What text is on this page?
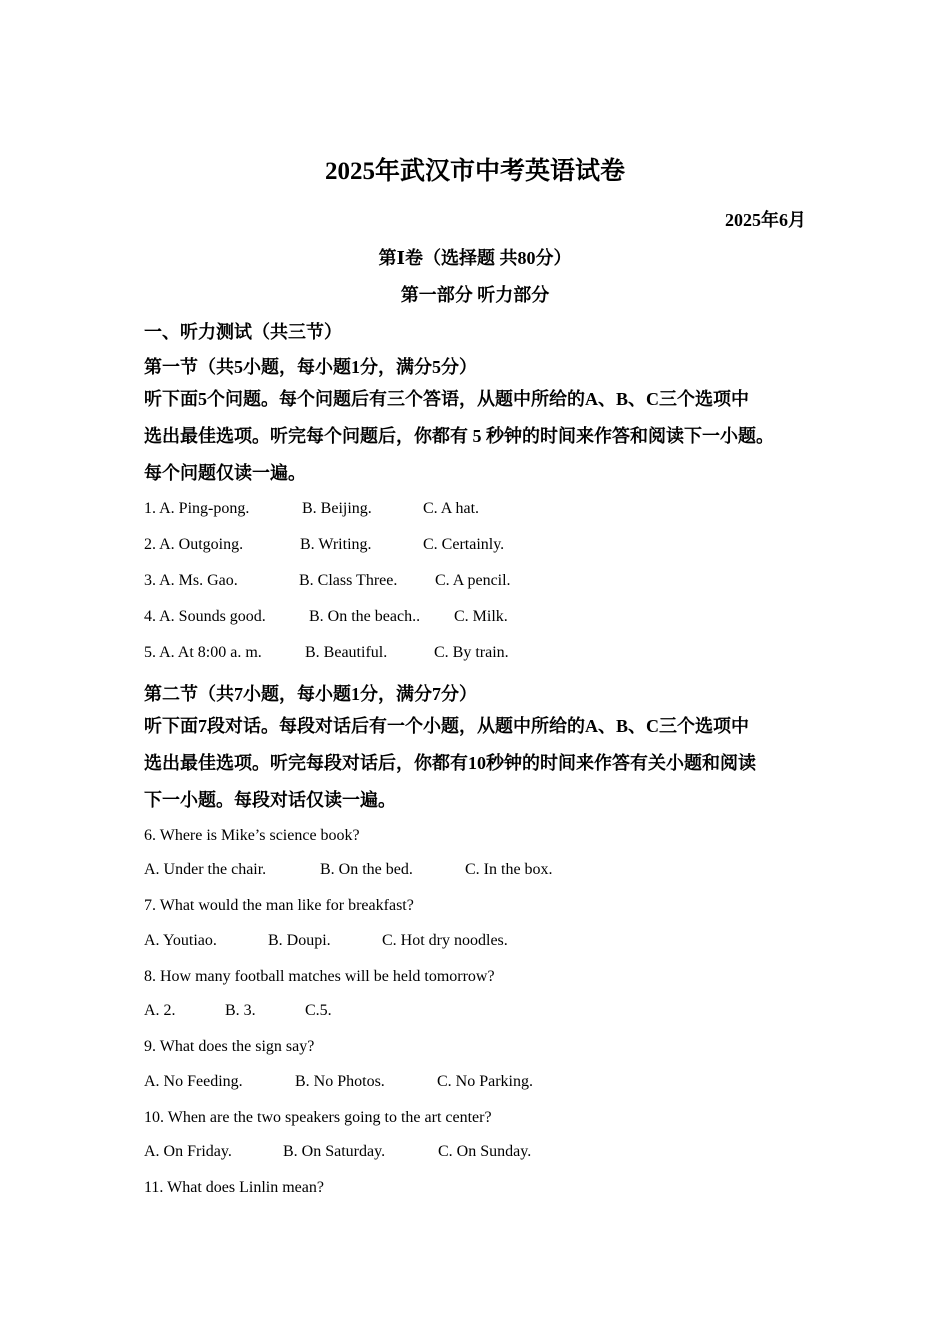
2025年武汉市中考英语试卷
2025年6月
第Ⅰ卷（选择题 共80分）
第一部分 听力部分
一、听力测试（共三节）
第一节（共5小题，每小题1分，满分5分）
听下面5个问题。每个问题后有三个答语，从题中所给的A、B、C三个选项中
选出最佳选项。听完每个问题后，你都有 5 秒钟的时间来作答和阅读下一小题。
每个问题仅读一遍。
1. A. Ping-pong.	B. Beijing.	C. A hat.
2. A. Outgoing.	B. Writing.	C. Certainly.
3. A. Ms. Gao.	B. Class Three. C. A pencil.
4. A. Sounds good.	B. On the beach.. C. Milk.
5. A. At 8:00 a. m.	B. Beautiful.	C. By train.
第二节（共7小题，每小题1分，满分7分）
听下面7段对话。每段对话后有一个小题，从题中所给的A、B、C三个选项中
选出最佳选项。听完每段对话后，你都有10秒钟的时间来作答有关小题和阅读
下一小题。每段对话仅读一遍。
6. Where is Mike’s science book?
A. Under the chair.	B. On the bed.	C. In the box.
7. What would the man like for breakfast?
A. Youtiao.	B. Doupi.	C. Hot dry noodles.
8. How many football matches will be held tomorrow?
A. 2.	B. 3.	C.5.
9. What does the sign say?
A. No Feeding.	B. No Photos.	C. No Parking.
10. When are the two speakers going to the art center?
A. On Friday.	B. On Saturday.	C. On Sunday.
11. What does Linlin mean?
